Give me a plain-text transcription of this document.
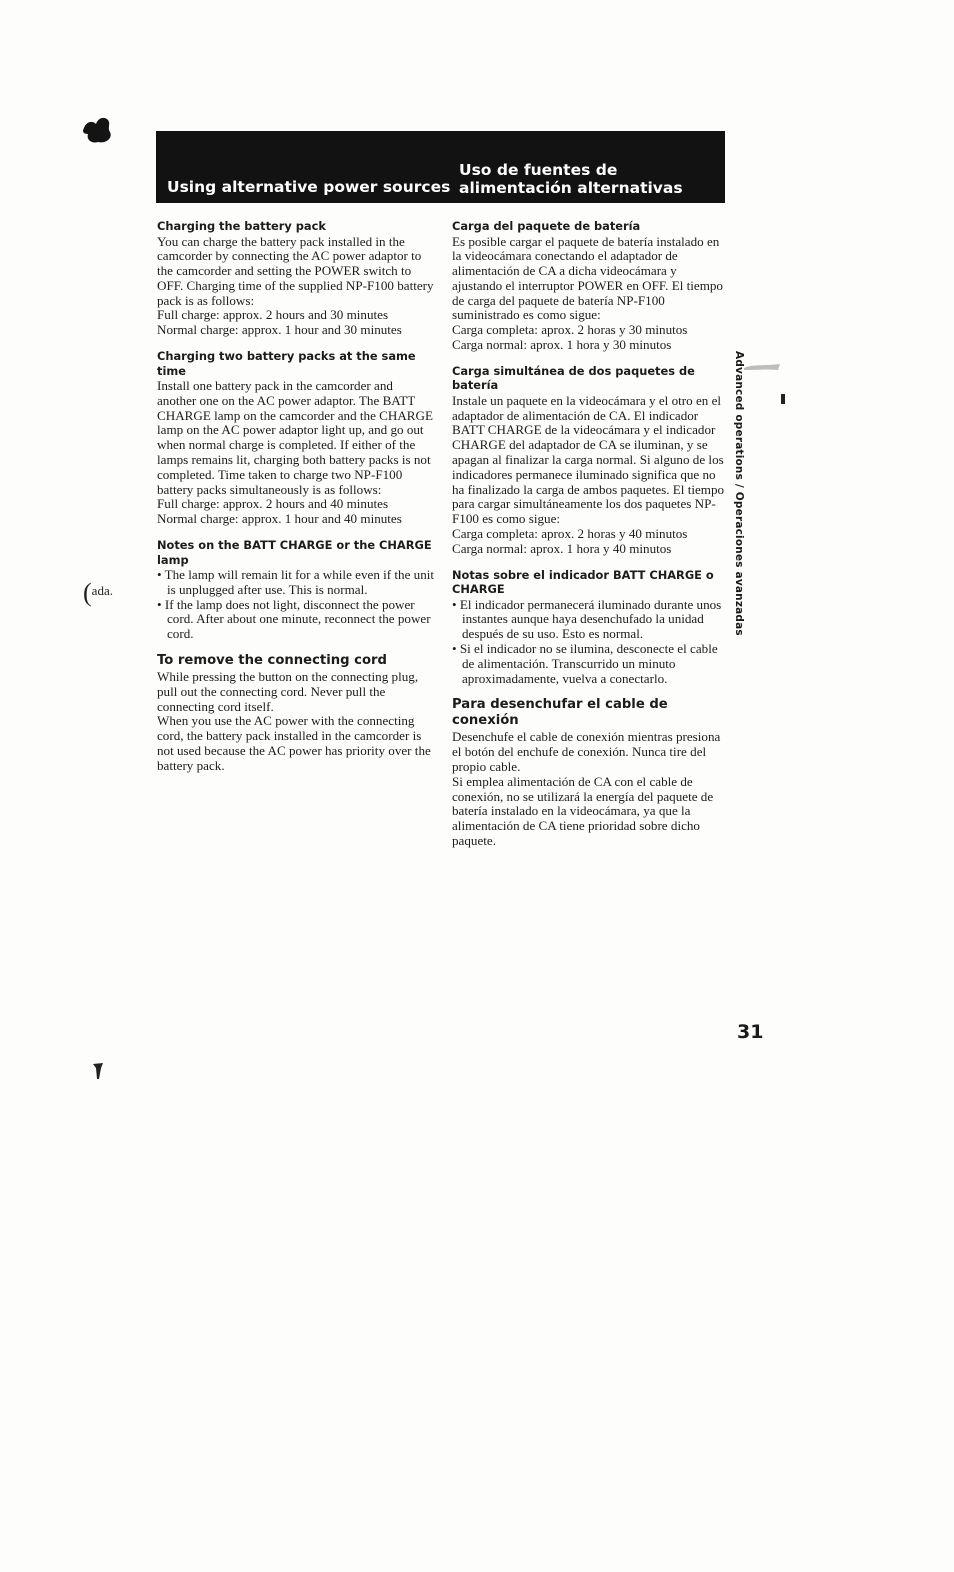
Using alternative power sources
Uso de fuentes de alimentación alternativas
(ada.
Charging the battery pack

You can charge the battery pack installed in the camcorder by connecting the AC power adaptor to the camcorder and setting the POWER switch to OFF. Charging time of the supplied NP-F100 battery pack is as follows:

Full charge: approx. 2 hours and 30 minutes

Normal charge: approx. 1 hour and 30 minutes

Charging two battery packs at the same time

Install one battery pack in the camcorder and another one on the AC power adaptor. The BATT CHARGE lamp on the camcorder and the CHARGE lamp on the AC power adaptor light up, and go out when normal charge is completed. If either of the lamps remains lit, charging both battery packs is not completed. Time taken to charge two NP-F100 battery packs simultaneously is as follows:

Full charge: approx. 2 hours and 40 minutes

Normal charge: approx. 1 hour and 40 minutes

Notes on the BATT CHARGE or the CHARGE lamp

• The lamp will remain lit for a while even if the unit is unplugged after use. This is normal.

• If the lamp does not light, disconnect the power cord. After about one minute, reconnect the power cord.

To remove the connecting cord

While pressing the button on the connecting plug, pull out the connecting cord. Never pull the connecting cord itself.

When you use the AC power with the connecting cord, the battery pack installed in the camcorder is not used because the AC power has priority over the battery pack.

Carga del paquete de batería

Es posible cargar el paquete de batería instalado en la videocámara conectando el adaptador de alimentación de CA a dicha videocámara y ajustando el interruptor POWER en OFF. El tiempo de carga del paquete de batería NP-F100 suministrado es como sigue:

Carga completa: aprox. 2 horas y 30 minutos

Carga normal: aprox. 1 hora y 30 minutos

Carga simultánea de dos paquetes de batería

Instale un paquete en la videocámara y el otro en el adaptador de alimentación de CA. El indicador BATT CHARGE de la videocámara y el indicador CHARGE del adaptador de CA se iluminan, y se apagan al finalizar la carga normal. Si alguno de los indicadores permanece iluminado significa que no ha finalizado la carga de ambos paquetes. El tiempo para cargar simultáneamente los dos paquetes NP-F100 es como sigue:

Carga completa: aprox. 2 horas y 40 minutos

Carga normal: aprox. 1 hora y 40 minutos

Notas sobre el indicador BATT CHARGE o CHARGE

• El indicador permanecerá iluminado durante unos instantes aunque haya desenchufado la unidad después de su uso. Esto es normal.

• Si el indicador no se ilumina, desconecte el cable de alimentación. Transcurrido un minuto aproximadamente, vuelva a conectarlo.

Para desenchufar el cable de conexión

Desenchufe el cable de conexión mientras presiona el botón del enchufe de conexión. Nunca tire del propio cable.

Si emplea alimentación de CA con el cable de conexión, no se utilizará la energía del paquete de batería instalado en la videocámara, ya que la alimentación de CA tiene prioridad sobre dicho paquete.

Advanced operations / Operaciones avanzadas
31
